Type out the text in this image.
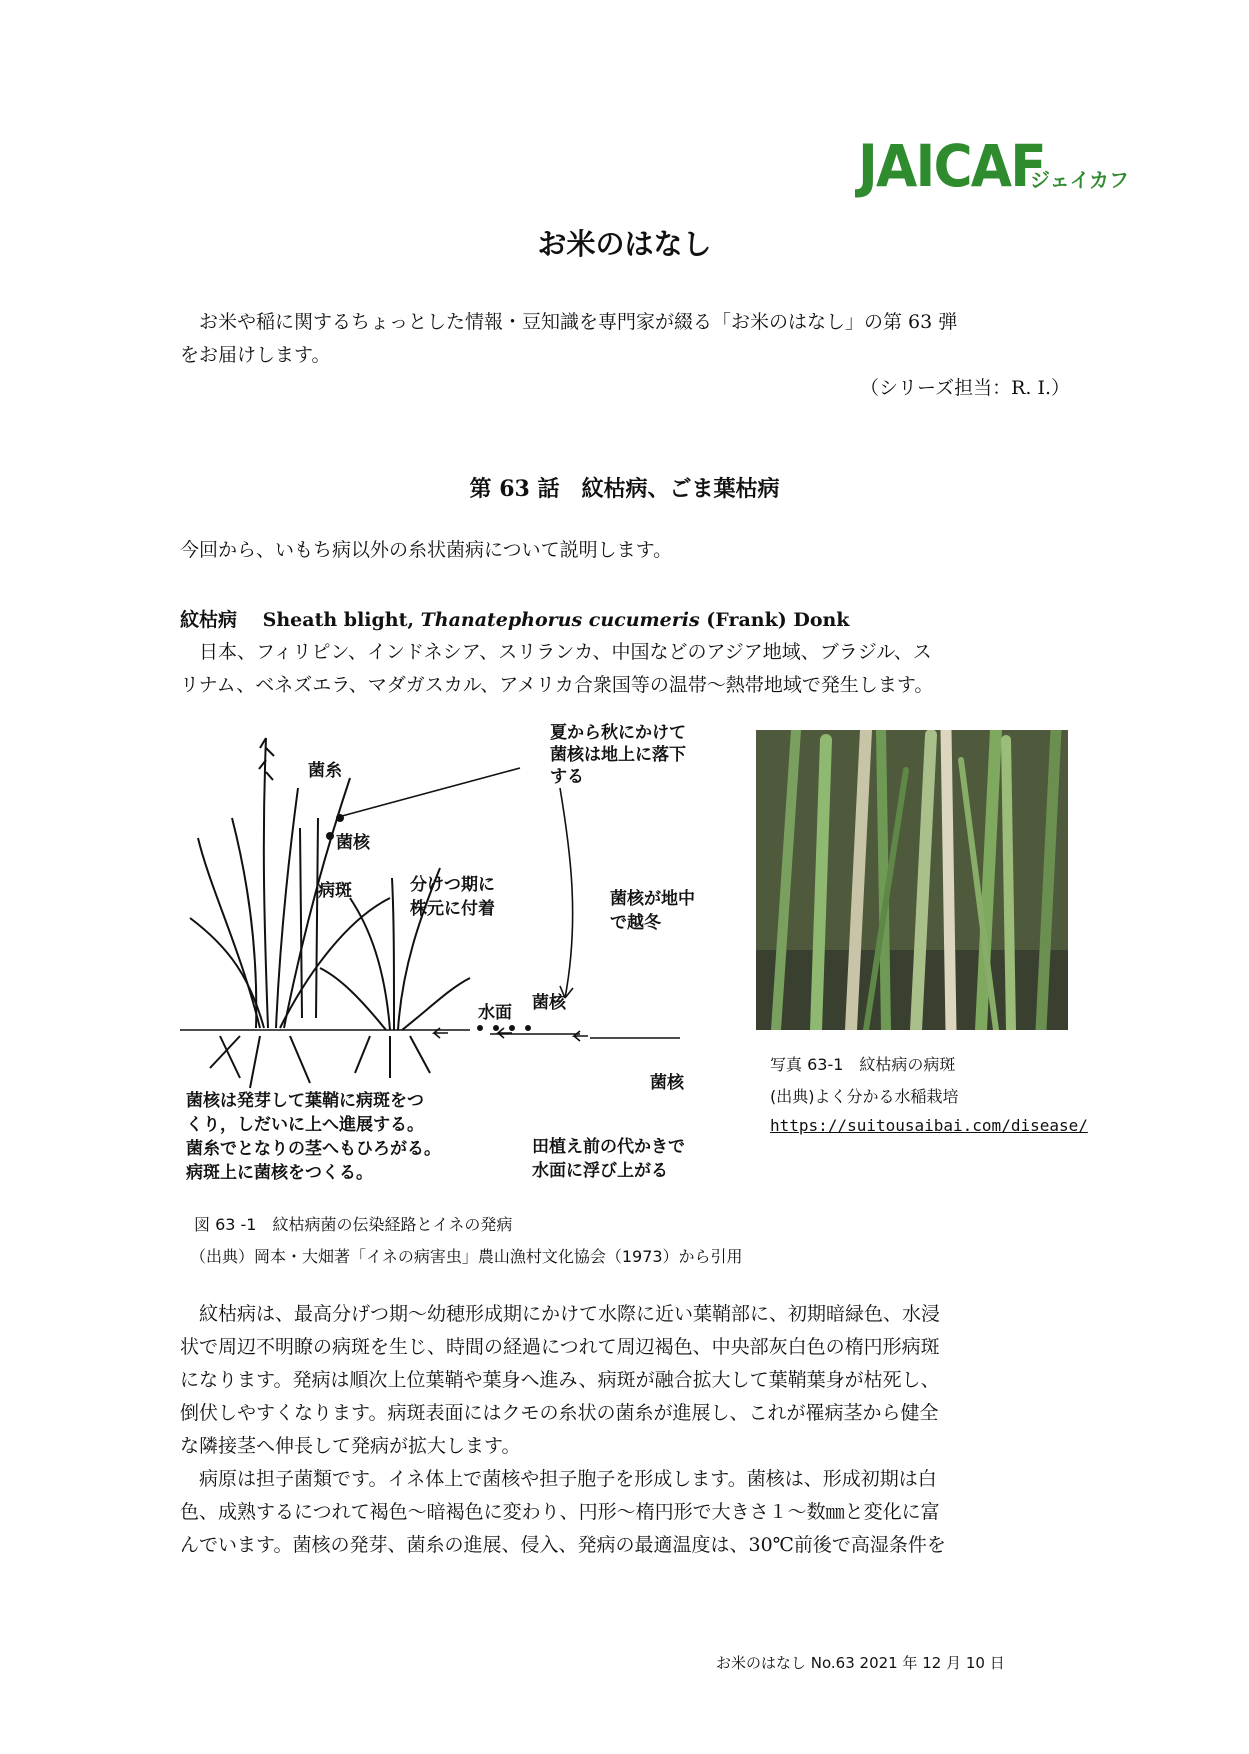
JAICAF
ジェイカフ
お米のはなし
　お米や稲に関するちょっとした情報・豆知識を専門家が綴る「お米のはなし」の第 63 弾
をお届けします。
（シリーズ担当：R. I.）
第 63 話　紋枯病、ごま葉枯病
今回から、いもち病以外の糸状菌病について説明します。
紋枯病　 Sheath blight, Thanatephorus cucumeris (Frank) Donk
　日本、フィリピン、インドネシア、スリランカ、中国などのアジア地域、ブラジル、ス
リナム、ベネズエラ、マダガスカル、アメリカ合衆国等の温帯～熱帯地域で発生します。
菌糸
菌核
病斑	分けつ期に
株元に付着
夏から秋にかけて
菌核は地上に落下
する
菌核が地中
で越冬
水面 菌核
菌核
菌核は発芽して葉鞘に病斑をつ
くり，しだいに上へ進展する。
菌糸でとなりの茎へもひろがる。
病斑上に菌核をつくる。
田植え前の代かきで
水面に浮び上がる
写真 63-1　紋枯病の病斑
(出典)よく分かる水稲栽培
https://suitousaibai.com/disease/
図 63 -1　紋枯病菌の伝染経路とイネの発病
（出典）岡本・大畑著「イネの病害虫」農山漁村文化協会（1973）から引用
　紋枯病は、最高分げつ期～幼穂形成期にかけて水際に近い葉鞘部に、初期暗緑色、水浸
状で周辺不明瞭の病斑を生じ、時間の経過につれて周辺褐色、中央部灰白色の楕円形病斑
になります。発病は順次上位葉鞘や葉身へ進み、病斑が融合拡大して葉鞘葉身が枯死し、
倒伏しやすくなります。病斑表面にはクモの糸状の菌糸が進展し、これが罹病茎から健全
な隣接茎へ伸長して発病が拡大します。
　病原は担子菌類です。イネ体上で菌核や担子胞子を形成します。菌核は、形成初期は白
色、成熟するにつれて褐色～暗褐色に変わり、円形～楕円形で大きさ１～数㎜と変化に富
んでいます。菌核の発芽、菌糸の進展、侵入、発病の最適温度は、30℃前後で高湿条件を
お米のはなし No.63 2021 年 12 月 10 日
